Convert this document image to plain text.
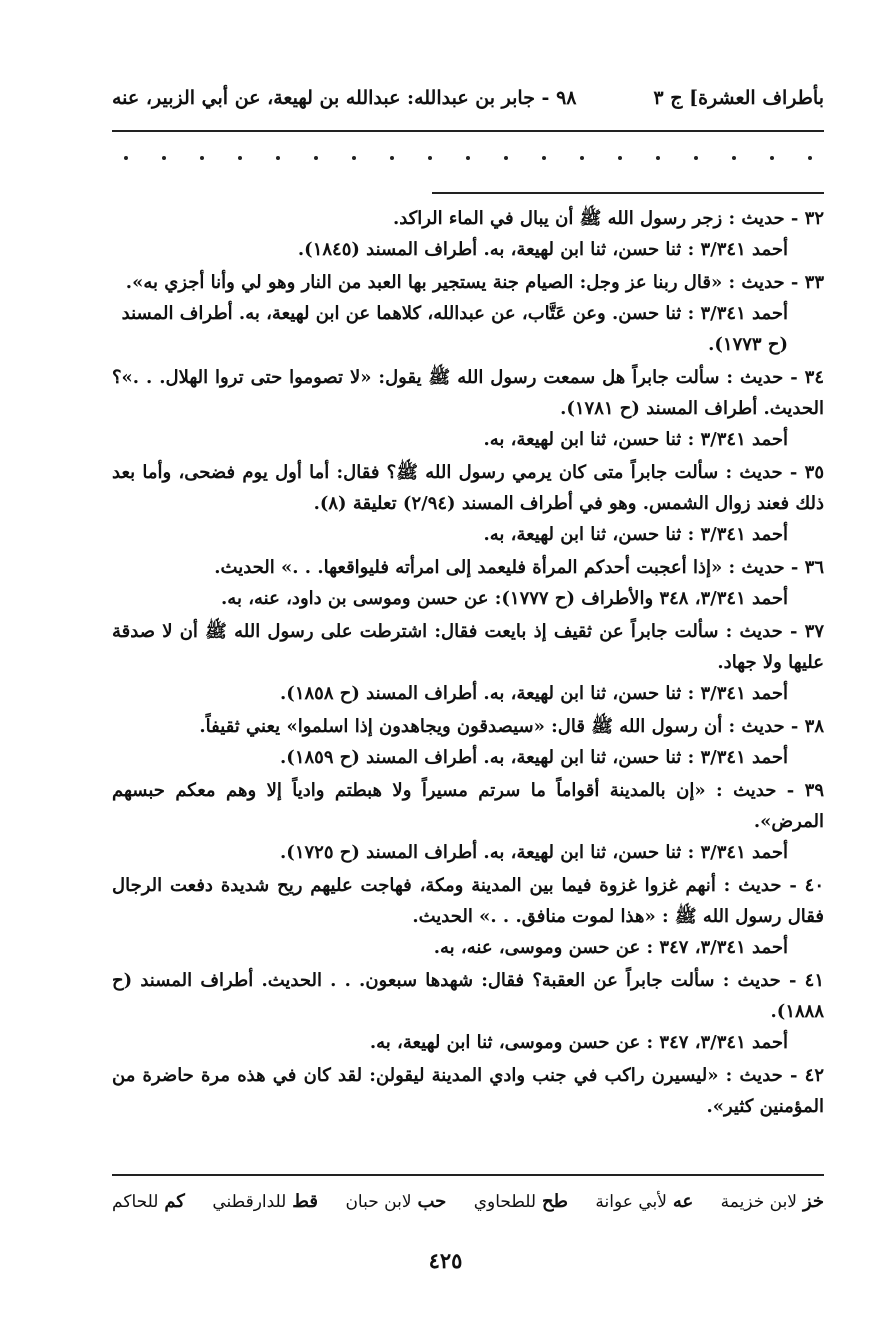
بأطراف العشرة] ج ٣
٩٨ - جابر بن عبدالله: عبدالله بن لهيعة، عن أبي الزبير، عنه
٣٢ - حديث : زجر رسول الله ﷺ أن يبال في الماء الراكد.
أحمد ٣/٣٤١ : ثنا حسن، ثنا ابن لهيعة، به. أطراف المسند (١٨٤٥).
٣٣ - حديث : «قال ربنا عز وجل: الصيام جنة يستجير بها العبد من النار وهو لي وأنا أجزي به».
أحمد ٣/٣٤١ : ثنا حسن. وعن عَتَّاب، عن عبدالله، كلاهما عن ابن لهيعة، به. أطراف المسند (ح ١٧٧٣).
٣٤ - حديث : سألت جابراً هل سمعت رسول الله ﷺ يقول: «لا تصوموا حتى تروا الهلال. . .»؟ الحديث. أطراف المسند (ح ١٧٨١).
أحمد ٣/٣٤١ : ثنا حسن، ثنا ابن لهيعة، به.
٣٥ - حديث : سألت جابراً متى كان يرمي رسول الله ﷺ؟ فقال: أما أول يوم فضحى، وأما بعد ذلك فعند زوال الشمس. وهو في أطراف المسند (٢/٩٤) تعليقة (٨).
أحمد ٣/٣٤١ : ثنا حسن، ثنا ابن لهيعة، به.
٣٦ - حديث : «إذا أعجبت أحدكم المرأة فليعمد إلى امرأته فليواقعها. . .» الحديث.
أحمد ٣/٣٤١، ٣٤٨ والأطراف (ح ١٧٧٧): عن حسن وموسى بن داود، عنه، به.
٣٧ - حديث : سألت جابراً عن ثقيف إذ بايعت فقال: اشترطت على رسول الله ﷺ أن لا صدقة عليها ولا جهاد.
أحمد ٣/٣٤١ : ثنا حسن، ثنا ابن لهيعة، به. أطراف المسند (ح ١٨٥٨).
٣٨ - حديث : أن رسول الله ﷺ قال: «سيصدقون ويجاهدون إذا اسلموا» يعني ثقيفاً.
أحمد ٣/٣٤١ : ثنا حسن، ثنا ابن لهيعة، به. أطراف المسند (ح ١٨٥٩).
٣٩ - حديث : «إن بالمدينة أقواماً ما سرتم مسيراً ولا هبطتم وادياً إلا وهم معكم حبسهم المرض».
أحمد ٣/٣٤١ : ثنا حسن، ثنا ابن لهيعة، به. أطراف المسند (ح ١٧٢٥).
٤٠ - حديث : أنهم غزوا غزوة فيما بين المدينة ومكة، فهاجت عليهم ريح شديدة دفعت الرجال فقال رسول الله ﷺ : «هذا لموت منافق. . .» الحديث.
أحمد ٣/٣٤١، ٣٤٧ : عن حسن وموسى، عنه، به.
٤١ - حديث : سألت جابراً عن العقبة؟ فقال: شهدها سبعون. . . الحديث. أطراف المسند (ح ١٨٨٨).
أحمد ٣/٣٤١، ٣٤٧ : عن حسن وموسى، ثنا ابن لهيعة، به.
٤٢ - حديث : «ليسيرن راكب في جنب وادي المدينة ليقولن: لقد كان في هذه مرة حاضرة من المؤمنين كثير».
خز لابن خزيمة
عه لأبي عوانة
طح للطحاوي
حب لابن حبان
قط للدارقطني
كم للحاكم
٤٢٥
